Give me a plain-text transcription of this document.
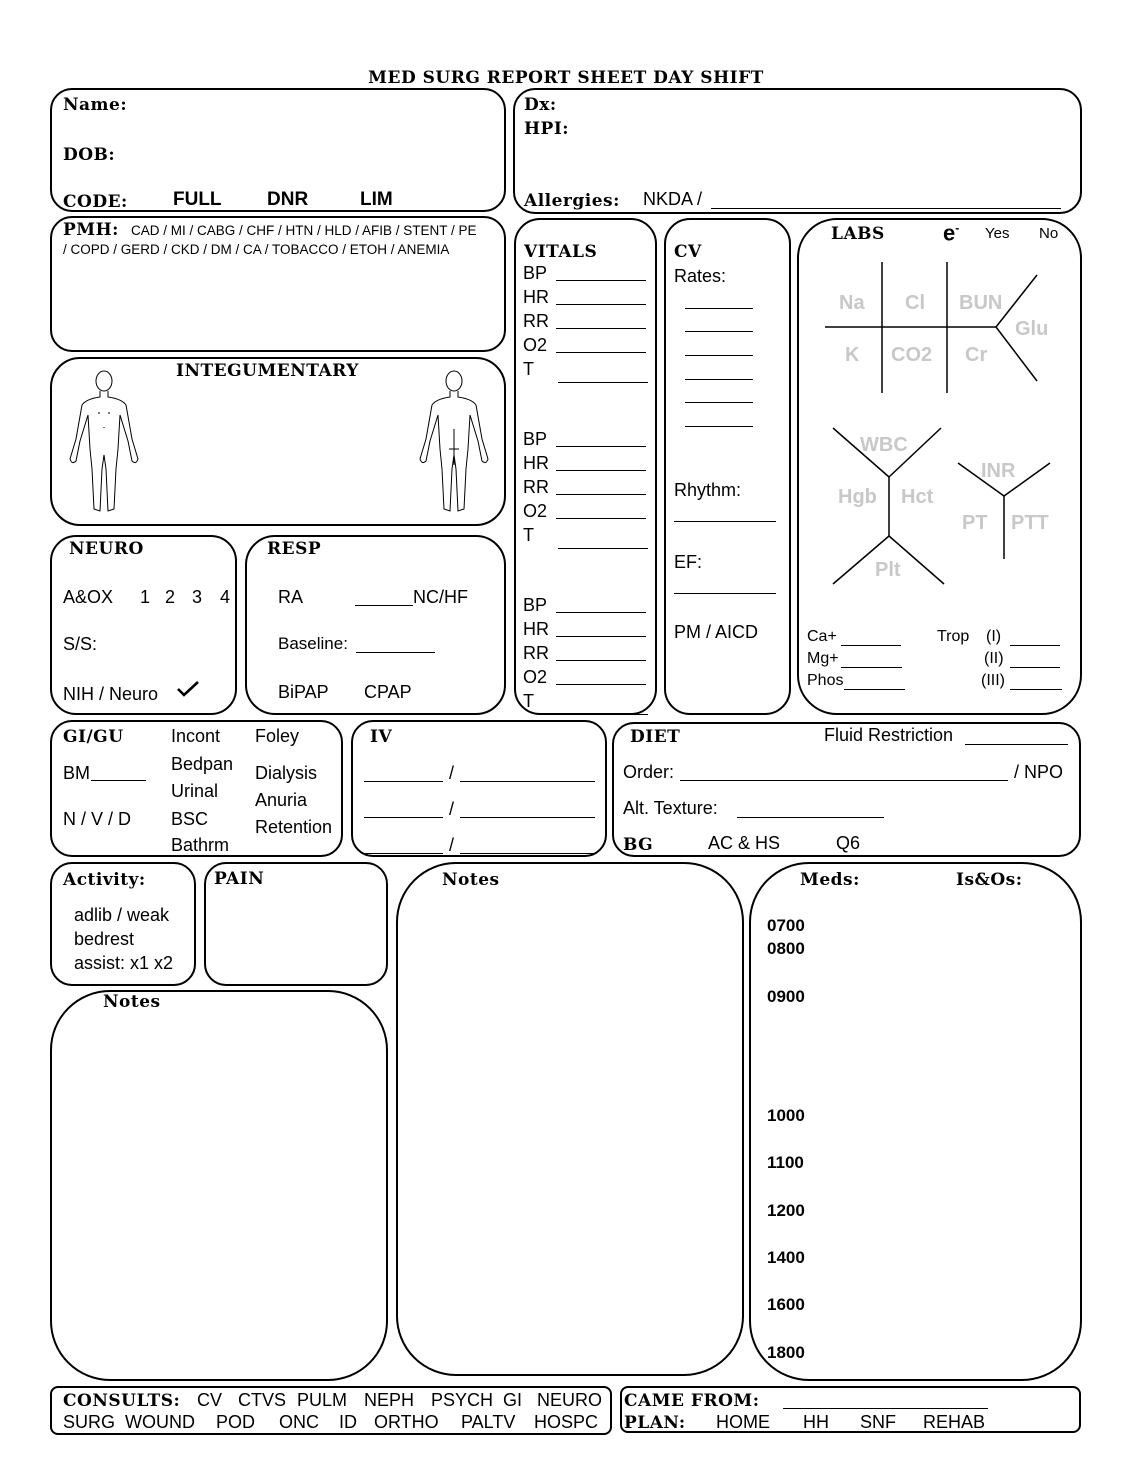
MED SURG REPORT SHEET DAY SHIFT
Name:
DOB:
CODE: FULL DNR	LIM
Dx:
HPI:
Allergies: NKDA /
PMH: CAD / MI / CABG / CHF / HTN / HLD / AFIB / STENT / PE
/ COPD / GERD / CKD / DM / CA / TOBACCO / ETOH / ANEMIA
INTEGUMENTARY
VITALS
BP
HR
RR
O2
T
BP
HR
RR
O2
T
BP
HR
RR
O2
T
CV
Rates:
Rhythm:
EF:
PM / AICD
LABS	e- Yes No
Na Cl BUN
Glu
K CO2 Cr
WBC
Hgb Hct
Plt
INR
PT PTT
Ca+
Mg+
Phos
Trop (I)
(II)
(III)
NEURO
A&OX 1 2 3 4
S/S:
NIH / Neuro
RESP
RA	NC/HF
Baseline:
BiPAP CPAP
GI/GU
BM
N / V / D
Incont
Bedpan
Urinal
BSC
Bathrm
Foley
Dialysis
Anuria
Retention
IV
/
/
/
DIET	Fluid Restriction
Order:	/ NPO
Alt. Texture:
BG	AC & HS	Q6
Activity:
adlib / weak
bedrest
assist: x1 x2
PAIN
Notes
Notes	Meds:	Is&Os:
0700
0800
0900
1000
1100
1200
1400
1600
1800
CONSULTS: CV CTVS PULM NEPH PSYCH GI NEURO
SURG WOUND POD ONC ID ORTHO PALTV HOSPC
CAME FROM:
PLAN: HOME HH SNF REHAB
